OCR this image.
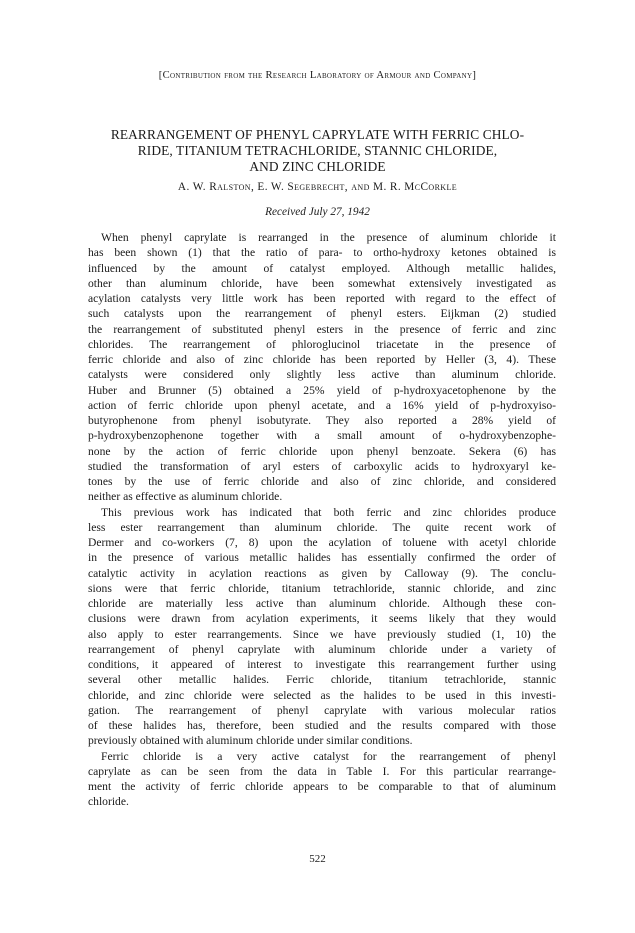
[Contribution from the Research Laboratory of Armour and Company]
REARRANGEMENT OF PHENYL CAPRYLATE WITH FERRIC CHLO-
RIDE, TITANIUM TETRACHLORIDE, STANNIC CHLORIDE,
AND ZINC CHLORIDE
A. W. Ralston, E. W. Segebrecht, and M. R. McCorkle
Received July 27, 1942
When phenyl caprylate is rearranged in the presence of aluminum chloride it
has been shown (1) that the ratio of para- to ortho-hydroxy ketones obtained is
influenced by the amount of catalyst employed. Although metallic halides,
other than aluminum chloride, have been somewhat extensively investigated as
acylation catalysts very little work has been reported with regard to the effect of
such catalysts upon the rearrangement of phenyl esters. Eijkman (2) studied
the rearrangement of substituted phenyl esters in the presence of ferric and zinc
chlorides. The rearrangement of phloroglucinol triacetate in the presence of
ferric chloride and also of zinc chloride has been reported by Heller (3, 4). These
catalysts were considered only slightly less active than aluminum chloride.
Huber and Brunner (5) obtained a 25% yield of p-hydroxyacetophenone by the
action of ferric chloride upon phenyl acetate, and a 16% yield of p-hydroxyiso-
butyrophenone from phenyl isobutyrate. They also reported a 28% yield of
p-hydroxybenzophenone together with a small amount of o-hydroxybenzophe-
none by the action of ferric chloride upon phenyl benzoate. Sekera (6) has
studied the transformation of aryl esters of carboxylic acids to hydroxyaryl ke-
tones by the use of ferric chloride and also of zinc chloride, and considered
neither as effective as aluminum chloride.
This previous work has indicated that both ferric and zinc chlorides produce
less ester rearrangement than aluminum chloride. The quite recent work of
Dermer and co-workers (7, 8) upon the acylation of toluene with acetyl chloride
in the presence of various metallic halides has essentially confirmed the order of
catalytic activity in acylation reactions as given by Calloway (9). The conclu-
sions were that ferric chloride, titanium tetrachloride, stannic chloride, and zinc
chloride are materially less active than aluminum chloride. Although these con-
clusions were drawn from acylation experiments, it seems likely that they would
also apply to ester rearrangements. Since we have previously studied (1, 10) the
rearrangement of phenyl caprylate with aluminum chloride under a variety of
conditions, it appeared of interest to investigate this rearrangement further using
several other metallic halides. Ferric chloride, titanium tetrachloride, stannic
chloride, and zinc chloride were selected as the halides to be used in this investi-
gation. The rearrangement of phenyl caprylate with various molecular ratios
of these halides has, therefore, been studied and the results compared with those
previously obtained with aluminum chloride under similar conditions.
Ferric chloride is a very active catalyst for the rearrangement of phenyl
caprylate as can be seen from the data in Table I. For this particular rearrange-
ment the activity of ferric chloride appears to be comparable to that of aluminum
chloride.
522
